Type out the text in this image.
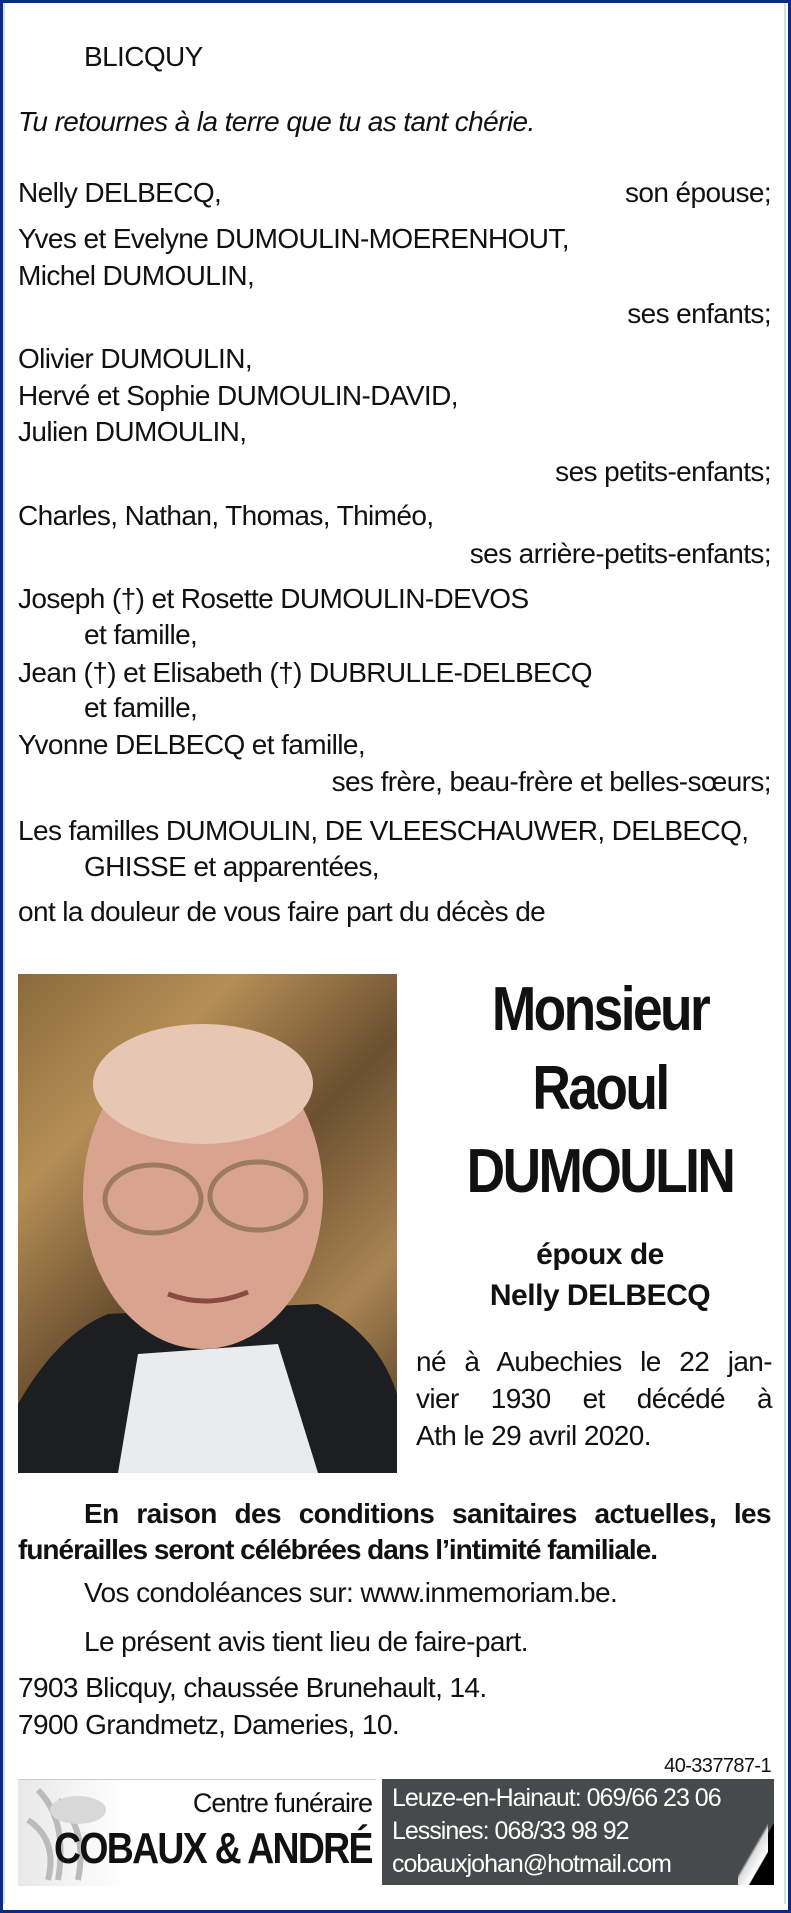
BLICQUY
Tu retournes à la terre que tu as tant chérie.
Nelly DELBECQ,	son épouse;
Yves et Evelyne DUMOULIN-MOERENHOUT,
Michel DUMOULIN,
ses enfants;
Olivier DUMOULIN,
Hervé et Sophie DUMOULIN-DAVID,
Julien DUMOULIN,
ses petits-enfants;
Charles, Nathan, Thomas, Thiméo,
ses arrière-petits-enfants;
Joseph (†) et Rosette DUMOULIN-DEVOS
et famille,
Jean (†) et Elisabeth (†) DUBRULLE-DELBECQ
et famille,
Yvonne DELBECQ et famille,
ses frère, beau-frère et belles-sœurs;
Les familles DUMOULIN, DE VLEESCHAUWER, DELBECQ,
GHISSE et apparentées,
ont la douleur de vous faire part du décès de
Monsieur
Raoul
DUMOULIN
époux de
Nelly DELBECQ
né à Aubechies le 22 jan-
vier 1930 et décédé à
Ath le 29 avril 2020.
En raison des conditions sanitaires actuelles, les
funérailles seront célébrées dans l’intimité familiale.
Vos condoléances sur: www.inmemoriam.be.
Le présent avis tient lieu de faire-part.
7903 Blicquy, chaussée Brunehault, 14.
7900 Grandmetz, Dameries, 10.
40-337787-1
Centre funéraire
COBAUX & ANDRÉ
Leuze-en-Hainaut: 069/66 23 06
Lessines: 068/33 98 92
cobauxjohan@hotmail.com
